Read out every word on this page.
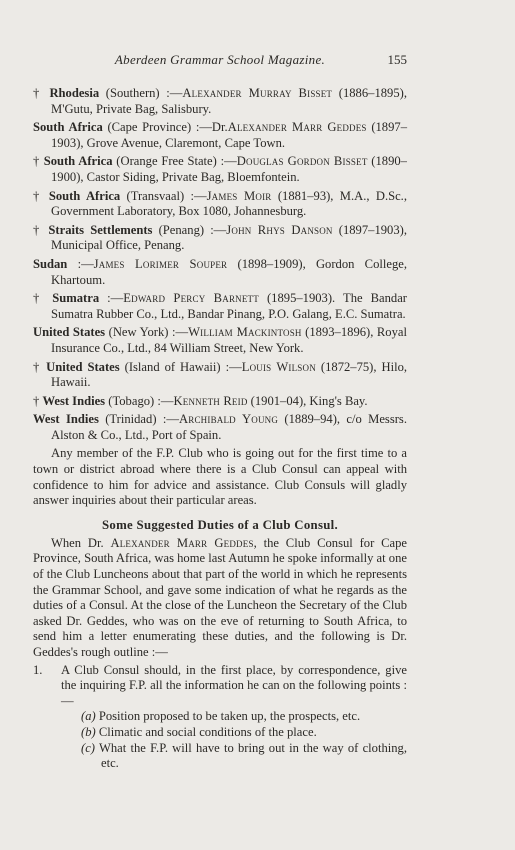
Aberdeen Grammar School Magazine.	155

† Rhodesia (Southern) :—Alexander Murray Bisset (1886–1895), M'Gutu, Private Bag, Salisbury.

South Africa (Cape Province) :—Dr.Alexander Marr Geddes (1897–1903), Grove Avenue, Claremont, Cape Town.

† South Africa (Orange Free State) :—Douglas Gordon Bisset (1890–1900), Castor Siding, Private Bag, Bloemfontein.

† South Africa (Transvaal) :—James Moir (1881–93), M.A., D.Sc., Government Laboratory, Box 1080, Johannesburg.

† Straits Settlements (Penang) :—John Rhys Danson (1897–1903), Municipal Office, Penang.

Sudan :—James Lorimer Souper (1898–1909), Gordon College, Khartoum.

† Sumatra :—Edward Percy Barnett (1895–1903). The Bandar Sumatra Rubber Co., Ltd., Bandar Pinang, P.O. Galang, E.C. Sumatra.

United States (New York) :—William Mackintosh (1893–1896), Royal Insurance Co., Ltd., 84 William Street, New York.

† United States (Island of Hawaii) :—Louis Wilson (1872–75), Hilo, Hawaii.

† West Indies (Tobago) :—Kenneth Reid (1901–04), King's Bay.

West Indies (Trinidad) :—Archibald Young (1889–94), c/o Messrs. Alston & Co., Ltd., Port of Spain.

Any member of the F.P. Club who is going out for the first time to a town or district abroad where there is a Club Consul can appeal with confidence to him for advice and assistance. Club Consuls will gladly answer inquiries about their particular areas.

Some Suggested Duties of a Club Consul.

When Dr. Alexander Marr Geddes, the Club Consul for Cape Province, South Africa, was home last Autumn he spoke informally at one of the Club Luncheons about that part of the world in which he represents the Grammar School, and gave some indication of what he regards as the duties of a Consul. At the close of the Luncheon the Secretary of the Club asked Dr. Geddes, who was on the eve of returning to South Africa, to send him a letter enumerating these duties, and the following is Dr. Geddes's rough outline :—

1. A Club Consul should, in the first place, by correspondence, give the inquiring F.P. all the information he can on the following points :—
(a) Position proposed to be taken up, the prospects, etc.
(b) Climatic and social conditions of the place.
(c) What the F.P. will have to bring out in the way of clothing, etc.
